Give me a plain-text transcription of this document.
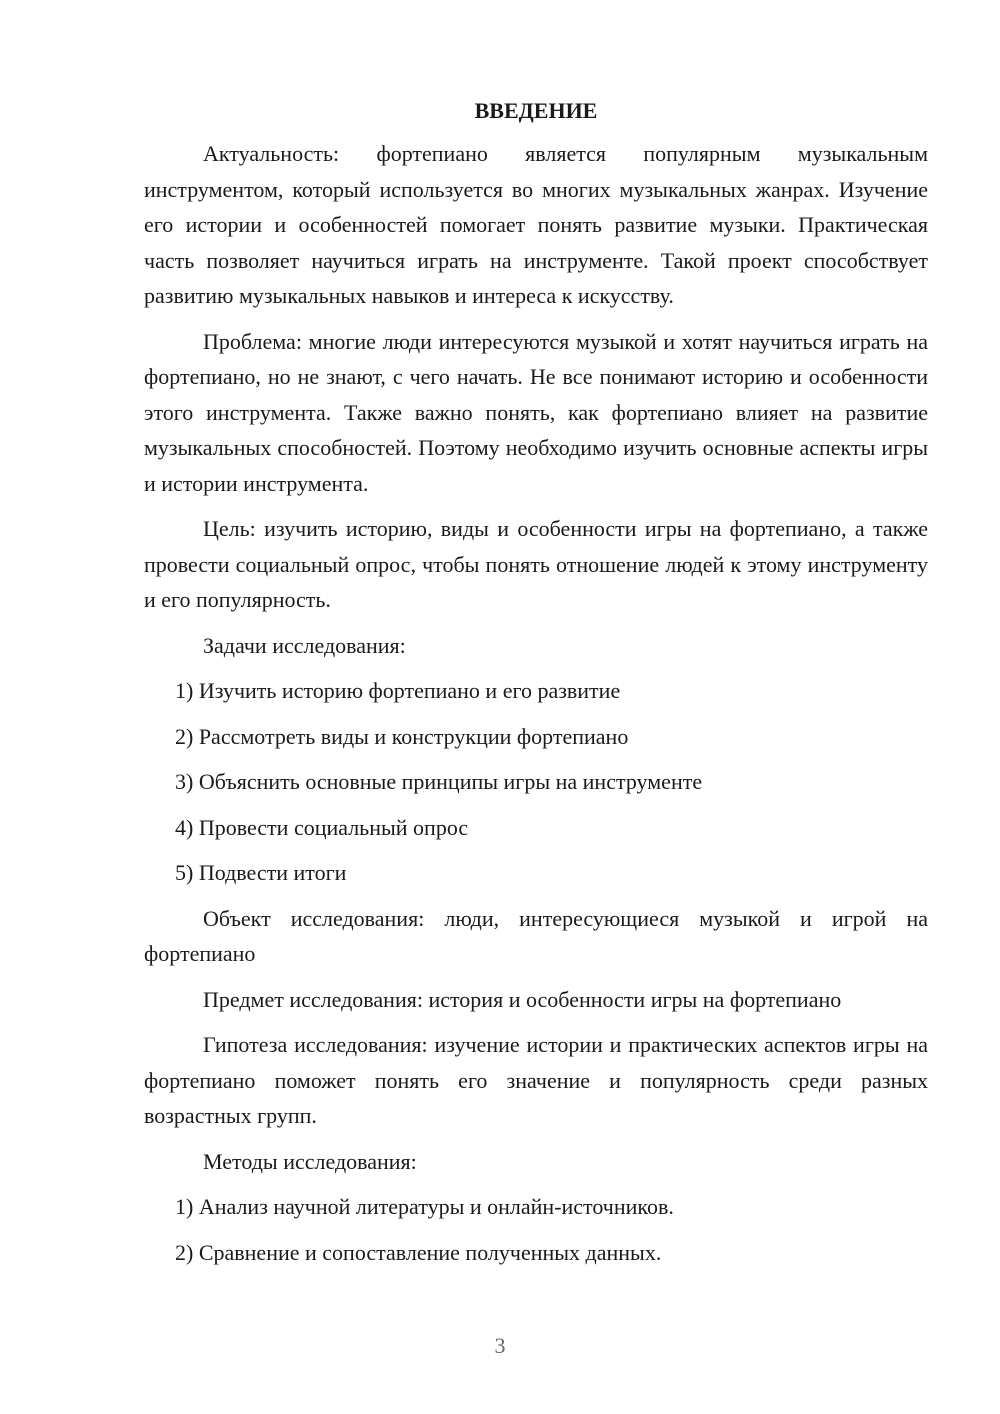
ВВЕДЕНИЕ

Актуальность: фортепиано является популярным музыкальным инструментом, который используется во многих музыкальных жанрах. Изучение его истории и особенностей помогает понять развитие музыки. Практическая часть позволяет научиться играть на инструменте. Такой проект способствует развитию музыкальных навыков и интереса к искусству.

Проблема: многие люди интересуются музыкой и хотят научиться играть на фортепиано, но не знают, с чего начать. Не все понимают историю и особенности этого инструмента. Также важно понять, как фортепиано влияет на развитие музыкальных способностей. Поэтому необходимо изучить основные аспекты игры и истории инструмента.

Цель: изучить историю, виды и особенности игры на фортепиано, а также провести социальный опрос, чтобы понять отношение людей к этому инструменту и его популярность.

Задачи исследования:

1) Изучить историю фортепиано и его развитие
2) Рассмотреть виды и конструкции фортепиано
3) Объяснить основные принципы игры на инструменте
4) Провести социальный опрос
5) Подвести итоги

Объект исследования: люди, интересующиеся музыкой и игрой на фортепиано

Предмет исследования: история и особенности игры на фортепиано

Гипотеза исследования: изучение истории и практических аспектов игры на фортепиано поможет понять его значение и популярность среди разных возрастных групп.

Методы исследования:

1) Анализ научной литературы и онлайн-источников.
2) Сравнение и сопоставление полученных данных.
3
